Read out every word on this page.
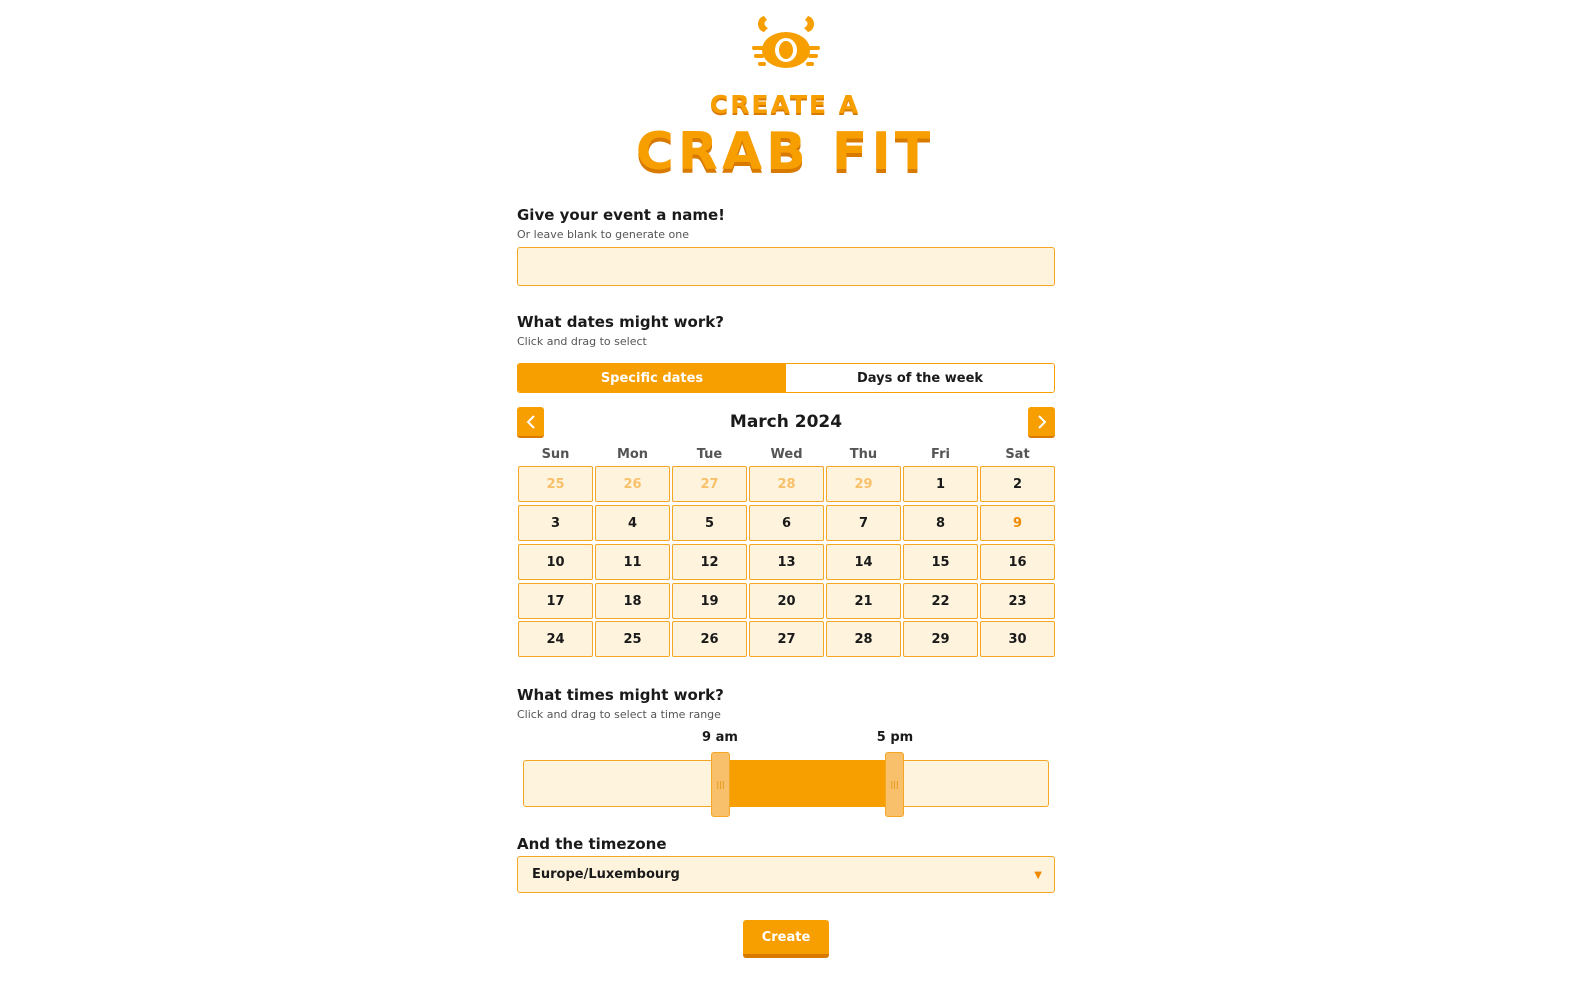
CREATE A
CRAB FIT
Give your event a name!
Or leave blank to generate one
What dates might work?
Click and drag to select
Specific dates	Days of the week
March 2024
Sun	Mon	Tue	Wed	Thu	Fri	Sat
25	26	27	28	29	1	2
3	4	5	6	7	8	9
10	11	12	13	14	15	16
17	18	19	20	21	22	23
24	25	26	27	28	29	30
What times might work?
Click and drag to select a time range
9 am	5 pm
|||	|||
And the timezone
Europe/Luxembourg	▼
Create
